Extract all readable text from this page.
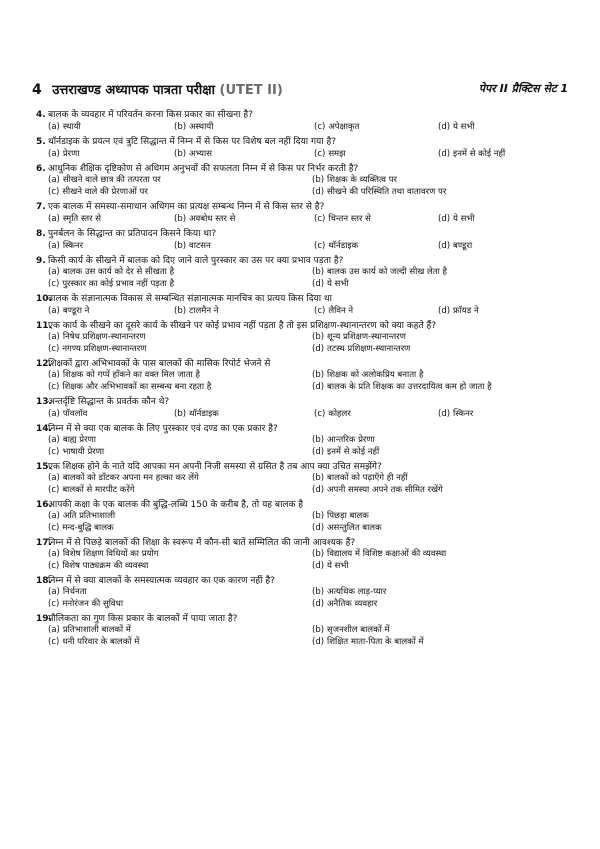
4 उत्तराखण्ड अध्यापक पात्रता परीक्षा (UTET II)	पेपर II प्रैक्टिस सेट 1
4. बालक के व्यवहार में परिवर्तन करना किस प्रकार का सीखना है?
(a) स्थायी	(b) अस्थायी	(c) अपेक्षाकृत	(d) ये सभी
5. थॉर्नडाइक के प्रयत्न एवं त्रुटि सिद्धान्त में निम्न में से किस पर विशेष बल नहीं दिया गया है?
(a) प्रेरणा	(b) अभ्यास	(c) समझ	(d) इनमें से कोई नहीं
6. आधुनिक शैक्षिक दृष्टिकोण से अधिगम अनुभवों की सफलता निम्न में से किस पर निर्भर करती है?
(a) सीखने वाले छात्र की तत्परता पर	(b) शिक्षक के व्यक्तित्व पर
(c) सीखने वाले की प्रेरणाओं पर	(d) सीखने की परिस्थिति तथा वातावरण पर
7. एक बालक में समस्या-समाधान अधिगम का प्रत्यक्ष सम्बन्ध निम्न में से किस स्तर से है?
(a) स्मृति स्तर से	(b) अवबोध स्तर से	(c) चिन्तन स्तर से	(d) ये सभी
8. पुनर्बलन के सिद्धान्त का प्रतिपादन किसने किया था?
(a) स्किनर	(b) वाटसन	(c) थॉर्नडाइक	(d) बण्डूरा
9. किसी कार्य के सीखने में बालक को दिए जाने वाले पुरस्कार का उस पर क्या प्रभाव पड़ता है?
(a) बालक उस कार्य को देर से सीखता है	(b) बालक उस कार्य को जल्दी सीख लेता है
(c) पुरस्कार का कोई प्रभाव नहीं पड़ता है	(d) ये सभी
10.बालक के संज्ञानात्मक विकास से सम्बन्धित संज्ञानात्मक मानचित्र का प्रत्यय किस दिया था
(a) बण्डूरा ने	(b) टालमैन ने	(c) लैविन ने	(d) फ्रॉयड ने
11.एक कार्य के सीखने का दूसरे कार्य के सीखने पर कोई प्रभाव नहीं पड़ता है तो इस प्रशिक्षण-स्थानान्तरण को क्या कहते हैं?
(a) निषेध प्रशिक्षण-स्थानान्तरण	(b) शून्य प्रशिक्षण-स्थानान्तरण
(c) नगण्य प्रशिक्षण-स्थानान्तरण	(d) तटस्थ प्रशिक्षण-स्थानान्तरण
12.शिक्षकों द्वारा अभिभावकों के पास बालकों की मासिक रिपोर्ट भेजने से
(a) शिक्षक को गप्पें हाँकने का वक्त मिल जाता है	(b) शिक्षक को अलोकप्रिय बनाता है
(c) शिक्षक और अभिभावकों का सम्बन्ध बना रहता है	(d) बालक के प्रति शिक्षक का उत्तरदायित्व कम हो जाता है
13.अन्तर्दृष्टि सिद्धान्त के प्रवर्तक कौन थे?
(a) पॉवलॉव	(b) थॉर्नडाइक	(c) कोहलर	(d) स्किनर
14.निम्न में से क्या एक बालक के लिए पुरस्कार एवं दण्ड का एक प्रकार है?
(a) बाह्य प्रेरणा	(b) आन्तरिक प्रेरणा
(c) भाषायी प्रेरणा	(d) इनमें से कोई नहीं
15.एक शिक्षक होने के नाते यदि आपका मन अपनी निजी समस्या से ग्रसित है तब आप क्या उचित समझेंगे?
(a) बालकों को डाँटकर अपना मन हल्का कर लेंगे	(b) बालकों को पढ़ाएँगे ही नहीं
(c) बालकों से मारपीट करेंगे	(d) अपनी समस्या अपने तक सीमित रखेंगे
16.आपकी कक्षा के एक बालक की बुद्धि-लब्धि 150 के करीब है, तो यह बालक है
(a) अति प्रतिभाशाली	(b) पिछड़ा बालक
(c) मन्द-बुद्धि बालक	(d) असन्तुलित बालक
17.निम्न में से पिछड़े बालकों की शिक्षा के स्वरूप में कौन-सी बातें सम्मिलित की जानी आवश्यक हैं?
(a) विशेष शिक्षण विधियों का प्रयोग	(b) विद्यालय में विशिष्ट कक्षाओं की व्यवस्था
(c) विशेष पाठ्यक्रम की व्यवस्था	(d) ये सभी
18.निम्न में से क्या बालकों के समस्यात्मक व्यवहार का एक कारण नहीं है?
(a) निर्धनता	(b) अत्यधिक लाड़-प्यार
(c) मनोरंजन की सुविधा	(d) अनैतिक व्यवहार
19.मौलिकता का गुण किस प्रकार के बालकों में पाया जाता है?
(a) प्रतिभाशाली बालकों में	(b) सृजनशील बालकों में
(c) धनी परिवार के बालकों में	(d) शिक्षित माता-पिता के बालकों में
